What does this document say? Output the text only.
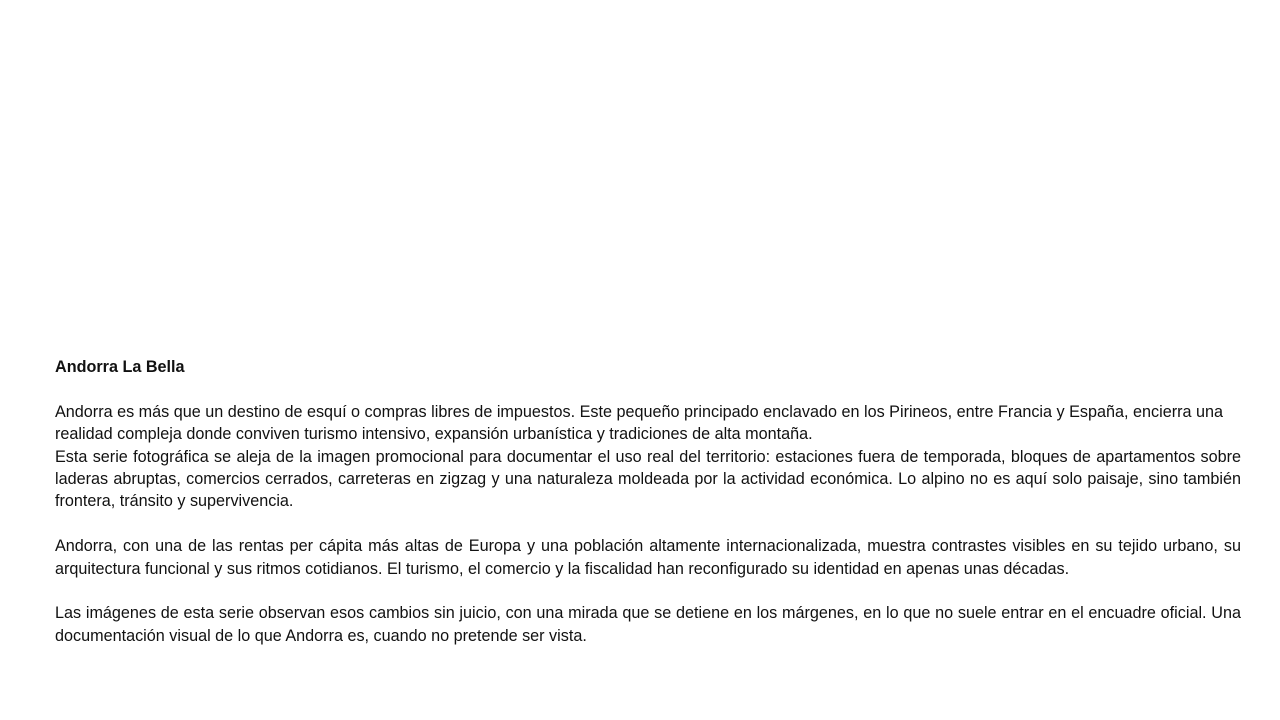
Andorra La Bella

Andorra es más que un destino de esquí o compras libres de impuestos. Este pequeño principado enclavado en los Pirineos, entre Francia y España, encierra una realidad compleja donde conviven turismo intensivo, expansión urbanística y tradiciones de alta montaña.

Esta serie fotográfica se aleja de la imagen promocional para documentar el uso real del territorio: estaciones fuera de temporada, bloques de apartamentos sobre laderas abruptas, comercios cerrados, carreteras en zigzag y una naturaleza moldeada por la actividad económica. Lo alpino no es aquí solo paisaje, sino también frontera, tránsito y supervivencia.

Andorra, con una de las rentas per cápita más altas de Europa y una población altamente internacionalizada, muestra contrastes visibles en su tejido urbano, su arquitectura funcional y sus ritmos cotidianos. El turismo, el comercio y la fiscalidad han reconfigurado su identidad en apenas unas décadas.

Las imágenes de esta serie observan esos cambios sin juicio, con una mirada que se detiene en los márgenes, en lo que no suele entrar en el encuadre oficial. Una documentación visual de lo que Andorra es, cuando no pretende ser vista.
